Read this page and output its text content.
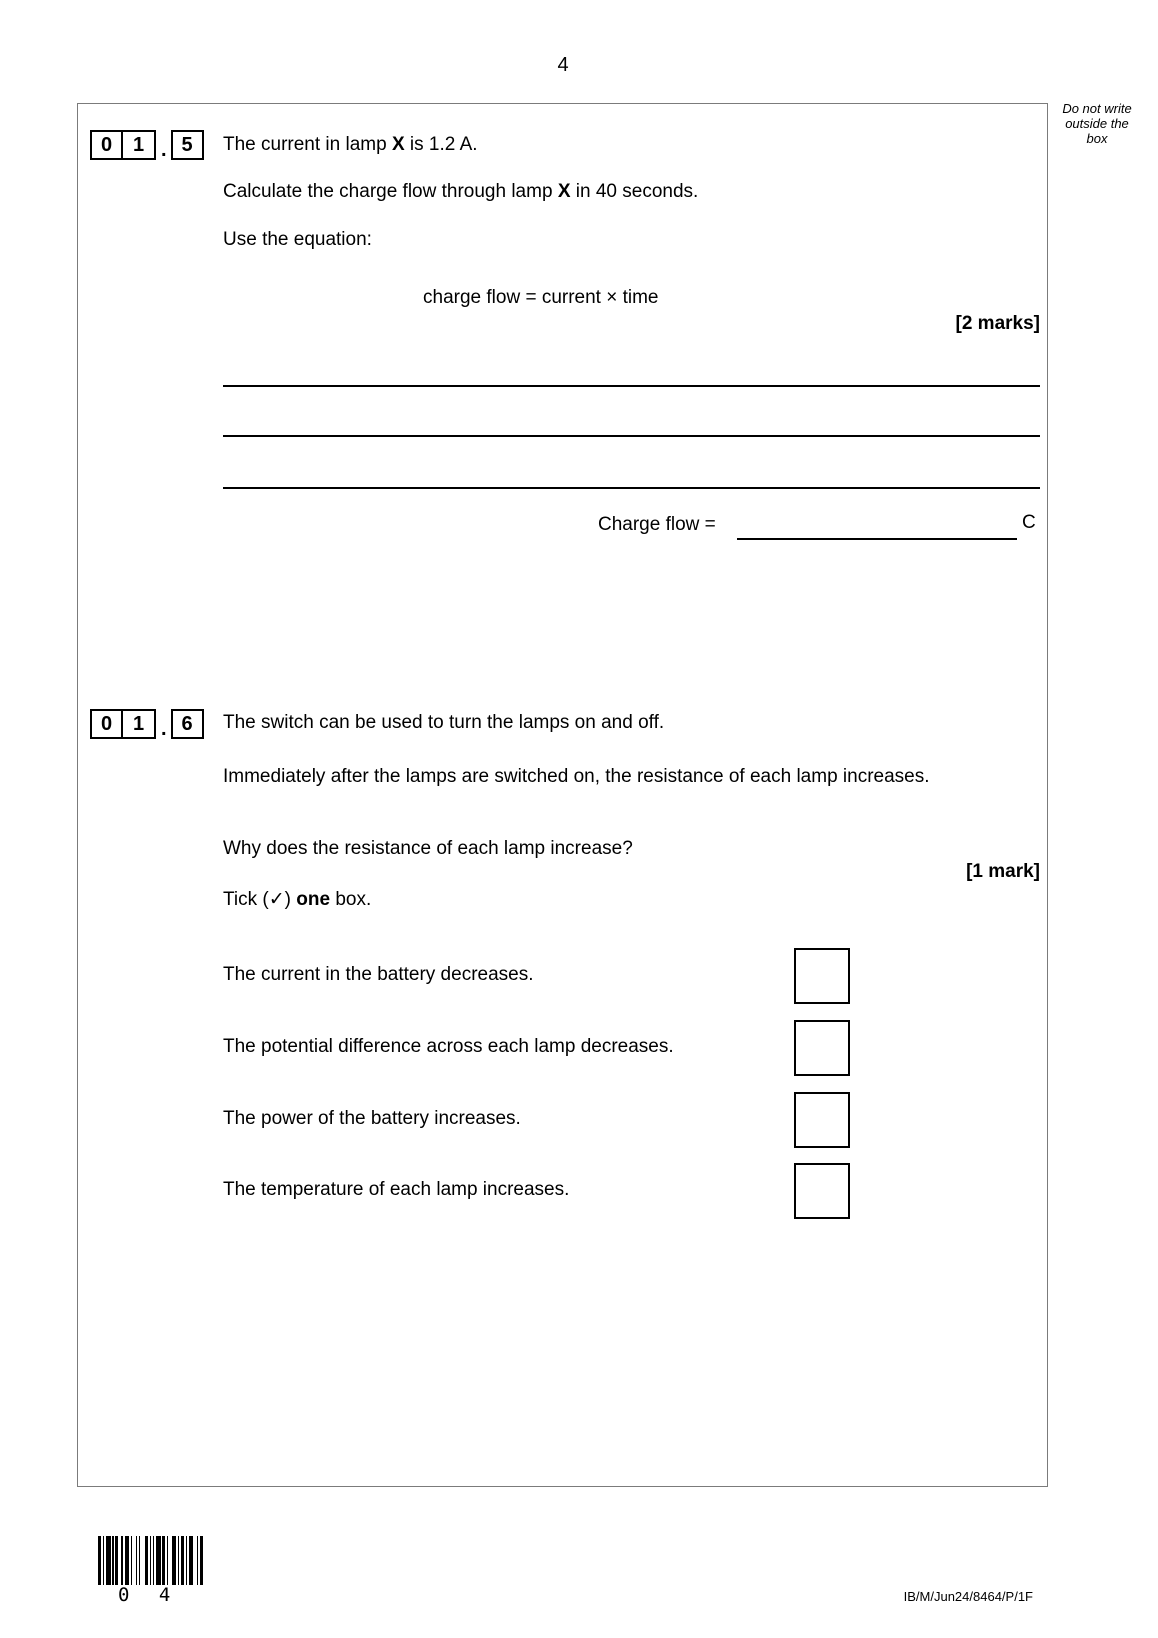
4
Do not write
outside the
box
0	1 . 5	The current in lamp X is 1.2 A.
Calculate the charge flow through lamp X in 40 seconds.
Use the equation:
charge flow = current × time
[2 marks]
Charge flow =	C
0	1 . 6	The switch can be used to turn the lamps on and off.
Immediately after the lamps are switched on, the resistance of each lamp increases.
Why does the resistance of each lamp increase?
[1 mark]
Tick (✓) one box.
The current in the battery decreases.
The potential difference across each lamp decreases.
The power of the battery increases.
The temperature of each lamp increases.
0 4	IB/M/Jun24/8464/P/1F
